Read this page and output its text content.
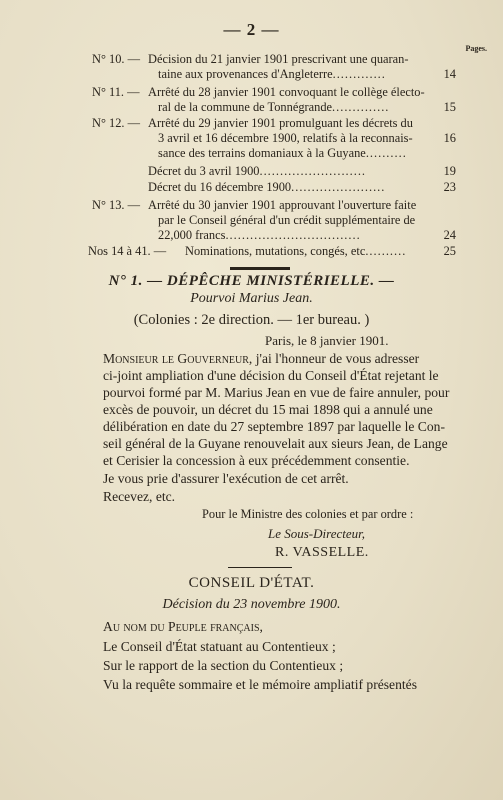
— 2 —
Pages.
N° 10. — Décision du 21 janvier 1901 prescrivant une quaran-
taine aux provenances d'Angleterre.............	14
N° 11. — Arrêté du 28 janvier 1901 convoquant le collège électo-
ral de la commune de Tonnégrande..............	15
N° 12. — Arrêté du 29 janvier 1901 promulguant les décrets du
3 avril et 16 décembre 1900, relatifs à la reconnais-	16
sance des terrains domaniaux à la Guyane..........
Décret du 3 avril 1900..........................	19
Décret du 16 décembre 1900.......................	23
N° 13. — Arrêté du 30 janvier 1901 approuvant l'ouverture faite
par le Conseil général d'un crédit supplémentaire de
22,000 francs.................................	24
Nos 14 à 41. — Nominations, mutations, congés, etc..........	25
N° 1. — DÉPÊCHE MINISTÉRIELLE. —
Pourvoi Marius Jean.
(Colonies : 2e direction. — 1er bureau. )
Paris, le 8 janvier 1901.
Monsieur le Gouverneur, j'ai l'honneur de vous adresser
ci-joint ampliation d'une décision du Conseil d'État rejetant le
pourvoi formé par M. Marius Jean en vue de faire annuler, pour
excès de pouvoir, un décret du 15 mai 1898 qui a annulé une
délibération en date du 27 septembre 1897 par laquelle le Con-
seil général de la Guyane renouvelait aux sieurs Jean, de Lange
et Cerisier la concession à eux précédemment consentie.
Je vous prie d'assurer l'exécution de cet arrêt.
Recevez, etc.
Pour le Ministre des colonies et par ordre :
Le Sous-Directeur,
R. VASSELLE.
CONSEIL D'ÉTAT.
Décision du 23 novembre 1900.
Au nom du Peuple français,
Le Conseil d'État statuant au Contentieux ;
Sur le rapport de la section du Contentieux ;
Vu la requête sommaire et le mémoire ampliatif présentés
